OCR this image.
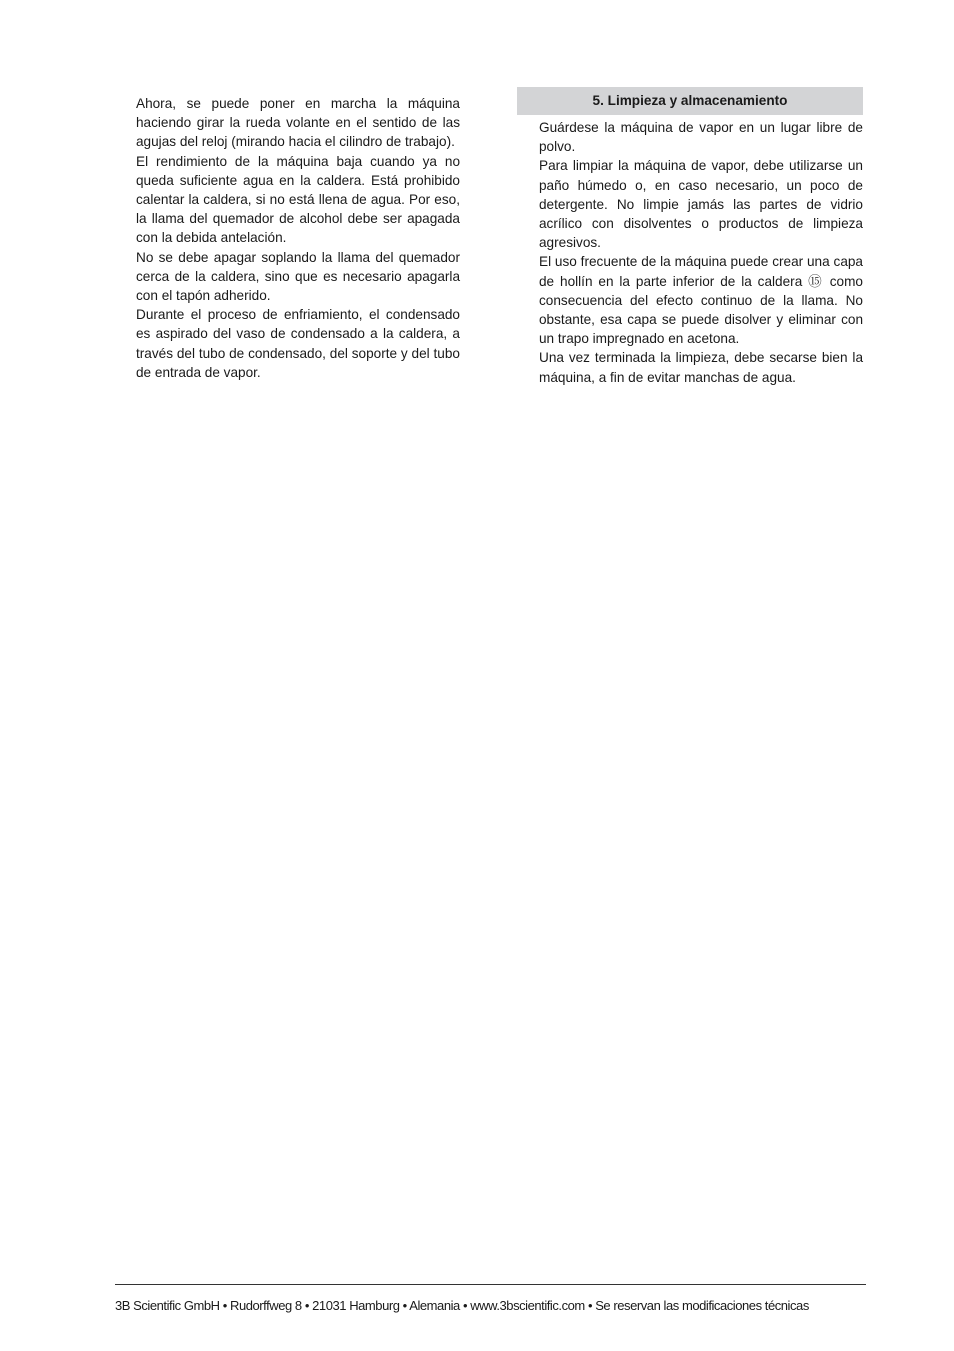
Ahora, se puede poner en marcha la máquina haciendo girar la rueda volante en el sentido de las agujas del reloj (mirando hacia el cilindro de trabajo).

El rendimiento de la máquina baja cuando ya no queda suficiente agua en la caldera. Está prohibido calentar la caldera, si no está llena de agua. Por eso, la llama del quemador de alcohol debe ser apagada con la debida antelación.

No se debe apagar soplando la llama del quemador cerca de la caldera, sino que es necesario apagarla con el tapón adherido.

Durante el proceso de enfriamiento, el condensado es aspirado del vaso de condensado a la caldera, a través del tubo de condensado, del soporte y del tubo de entrada de vapor.

5. Limpieza y almacenamiento

Guárdese la máquina de vapor en un lugar libre de polvo.

Para limpiar la máquina de vapor, debe utilizarse un paño húmedo o, en caso necesario, un poco de detergente. No limpie jamás las partes de vidrio acrílico con disolventes o productos de limpieza agresivos.

El uso frecuente de la máquina puede crear una capa de hollín en la parte inferior de la caldera ⑮ como consecuencia del efecto continuo de la llama. No obstante, esa capa se puede disolver y eliminar con un trapo impregnado en acetona.

Una vez terminada la limpieza, debe secarse bien la máquina, a fin de evitar manchas de agua.

3B Scientific GmbH • Rudorffweg 8 • 21031 Hamburg • Alemania • www.3bscientific.com • Se reservan las modificaciones técnicas
